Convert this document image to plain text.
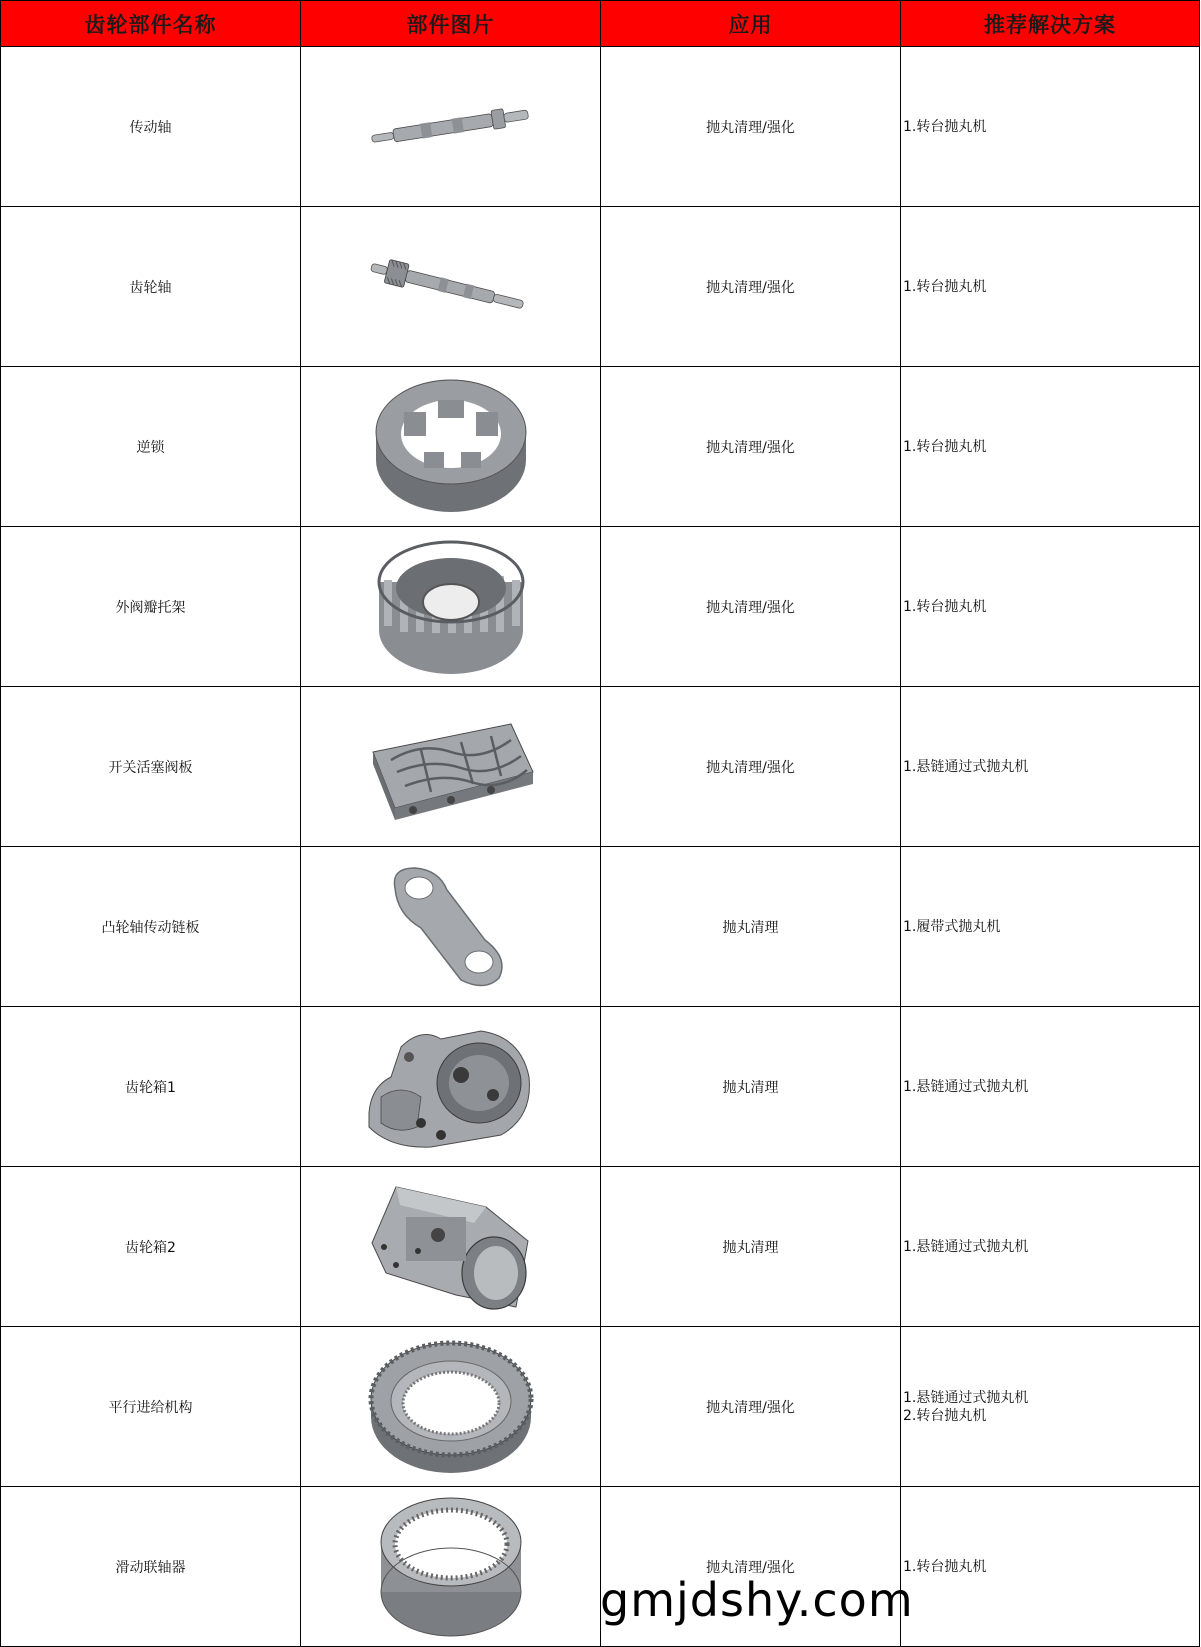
齿轮部件名称	部件图片	应用	推荐解决方案
传动轴		抛丸清理/强化	1.转台抛丸机

齿轮轴		抛丸清理/强化	1.转台抛丸机

逆锁		抛丸清理/强化	1.转台抛丸机

外阀瓣托架		抛丸清理/强化	1.转台抛丸机

开关活塞阀板		抛丸清理/强化	1.悬链通过式抛丸机

凸轮轴传动链板		抛丸清理	1.履带式抛丸机

齿轮箱1		抛丸清理	1.悬链通过式抛丸机

齿轮箱2		抛丸清理	1.悬链通过式抛丸机

平行进给机构		抛丸清理/强化	1.悬链通过式抛丸机
2.转台抛丸机

滑动联轴器		抛丸清理/强化	1.转台抛丸机
gmjdshy.com
